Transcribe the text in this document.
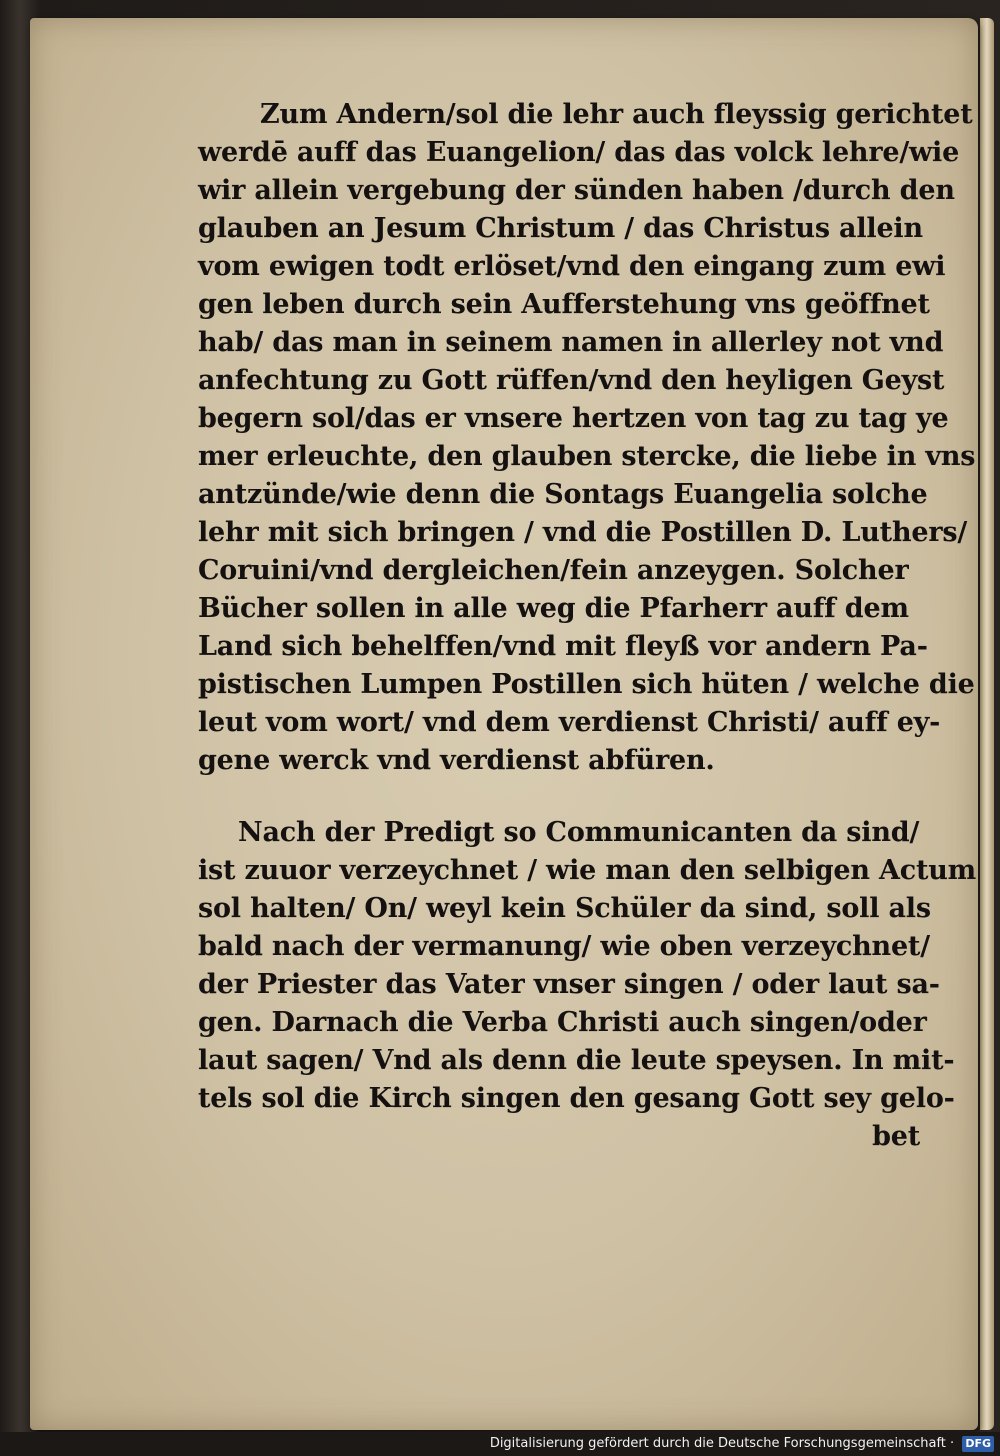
Zum Andern/sol die lehr auch fleyssig gerichtet
werdē auff das Euangelion/ das das volck lehre/wie
wir allein vergebung der sünden haben /durch den
glauben an Jesum Christum / das Christus allein
vom ewigen todt erlöset/vnd den eingang zum ewi
gen leben durch sein Aufferstehung vns geöffnet
hab/ das man in seinem namen in allerley not vnd
anfechtung zu Gott rüffen/vnd den heyligen Geyst
begern sol/das er vnsere hertzen von tag zu tag ye
mer erleuchte, den glauben stercke, die liebe in vns
antzünde/wie denn die Sontags Euangelia solche
lehr mit sich bringen / vnd die Postillen D. Luthers/
Coruini/vnd dergleichen/fein anzeygen. Solcher
Bücher sollen in alle weg die Pfarherr auff dem
Land sich behelffen/vnd mit fleyß vor andern Pa-
pistischen Lumpen Postillen sich hüten / welche die
leut vom wort/ vnd dem verdienst Christi/ auff ey-
gene werck vnd verdienst abfüren.
Nach der Predigt so Communicanten da sind/
ist zuuor verzeychnet / wie man den selbigen Actum
sol halten/ On/ weyl kein Schüler da sind, soll als
bald nach der vermanung/ wie oben verzeychnet/
der Priester das Vater vnser singen / oder laut sa-
gen. Darnach die Verba Christi auch singen/oder
laut sagen/ Vnd als denn die leute speysen. In mit-
tels sol die Kirch singen den gesang Gott sey gelo-
bet
Digitalisierung gefördert durch die Deutsche Forschungsgemeinschaft · DFG
